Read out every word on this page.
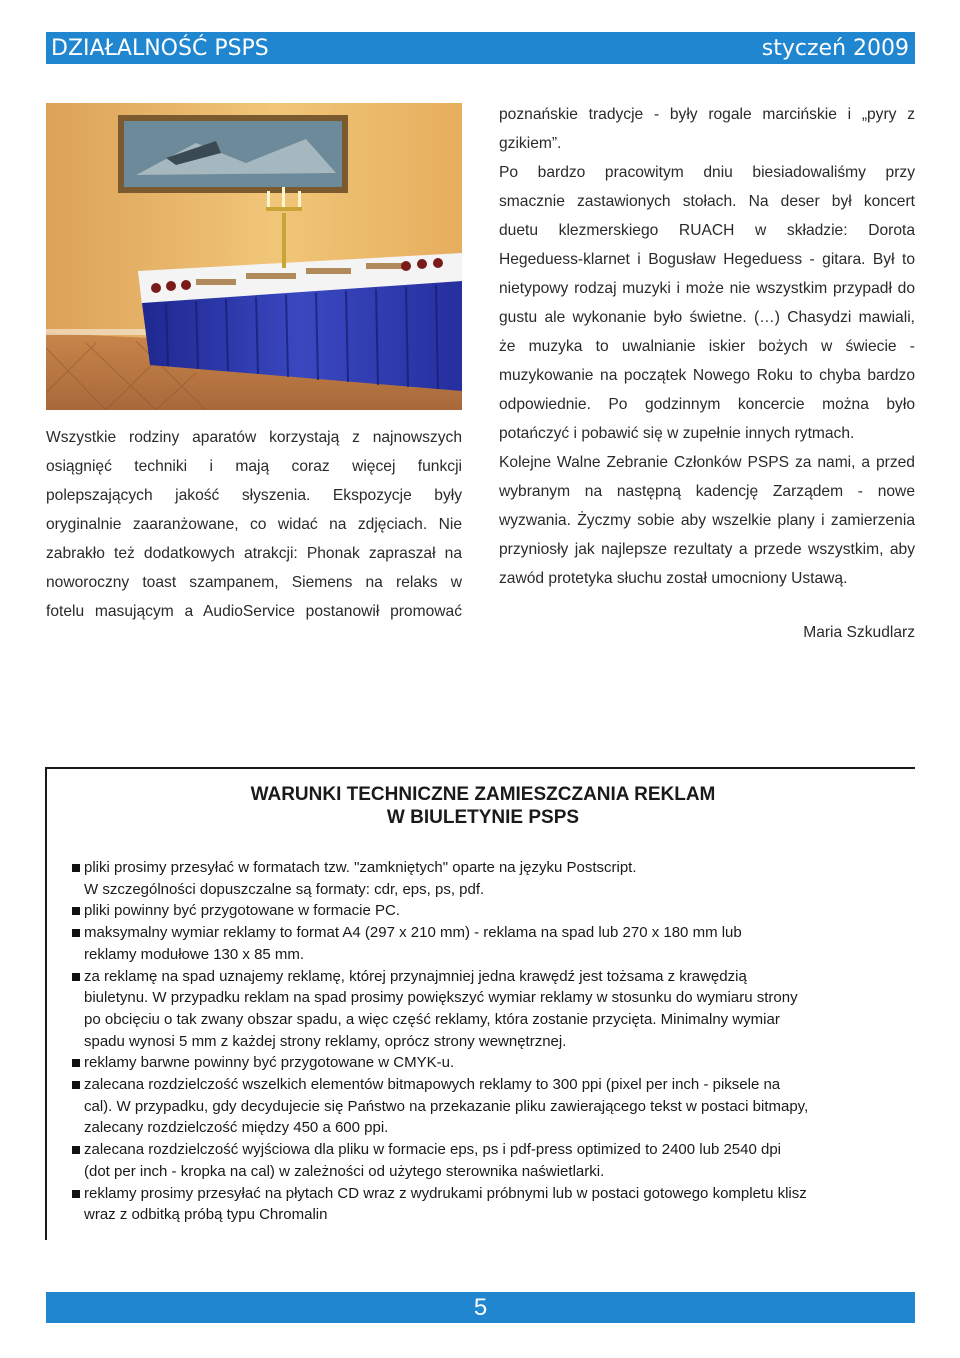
DZIAŁALNOŚĆ PSPS	styczeń 2009
Wszystkie rodziny aparatów korzystają z najnowszych
osiągnięć techniki i mają coraz więcej funkcji
polepszających jakość słyszenia. Ekspozycje były
oryginalnie zaaranżowane, co widać na zdjęciach. Nie
zabrakło też dodatkowych atrakcji: Phonak zapraszał na
noworoczny toast szampanem, Siemens na relaks w
fotelu masującym a AudioService postanowił promować
poznańskie tradycje - były rogale marcińskie i „pyry z
gzikiem”.
Po bardzo pracowitym dniu biesiadowaliśmy przy
smacznie zastawionych stołach. Na deser był koncert
duetu klezmerskiego RUACH w składzie: Dorota
Hegeduess-klarnet i Bogusław Hegeduess - gitara. Był to
nietypowy rodzaj muzyki i może nie wszystkim przypadł do
gustu ale wykonanie było świetne. (…) Chasydzi mawiali,
że muzyka to uwalnianie iskier bożych w świecie -
muzykowanie na początek Nowego Roku to chyba bardzo
odpowiednie. Po godzinnym koncercie można było
potańczyć i pobawić się w zupełnie innych rytmach.
Kolejne Walne Zebranie Członków PSPS za nami, a przed
wybranym na następną kadencję Zarządem - nowe
wyzwania. Życzmy sobie aby wszelkie plany i zamierzenia
przyniosły jak najlepsze rezultaty a przede wszystkim, aby
zawód protetyka słuchu został umocniony Ustawą.
Maria Szkudlarz
WARUNKI TECHNICZNE ZAMIESZCZANIA REKLAM
W BIULETYNIE PSPS
pliki prosimy przesyłać w formatach tzw. "zamkniętych" oparte na języku Postscript.
W szczególności dopuszczalne są formaty: cdr, eps, ps, pdf.
pliki powinny być przygotowane w formacie PC.
maksymalny wymiar reklamy to format A4 (297 x 210 mm) - reklama na spad lub 270 x 180 mm lub
reklamy modułowe 130 x 85 mm.
za reklamę na spad uznajemy reklamę, której przynajmniej jedna krawędź jest tożsama z krawędzią
biuletynu. W przypadku reklam na spad prosimy powiększyć wymiar reklamy w stosunku do wymiaru strony
po obcięciu o tak zwany obszar spadu, a więc część reklamy, która zostanie przycięta. Minimalny wymiar
spadu wynosi 5 mm z każdej strony reklamy, oprócz strony wewnętrznej.
reklamy barwne powinny być przygotowane w CMYK-u.
zalecana rozdzielczość wszelkich elementów bitmapowych reklamy to 300 ppi (pixel per inch - piksele na
cal). W przypadku, gdy decydujecie się Państwo na przekazanie pliku zawierającego tekst w postaci bitmapy,
zalecany rozdzielczość między 450 a 600 ppi.
zalecana rozdzielczość wyjściowa dla pliku w formacie eps, ps i pdf-press optimized to 2400 lub 2540 dpi
(dot per inch - kropka na cal) w zależności od użytego sterownika naświetlarki.
reklamy prosimy przesyłać na płytach CD wraz z wydrukami próbnymi lub w postaci gotowego kompletu klisz
wraz z odbitką próbą typu Chromalin
5
